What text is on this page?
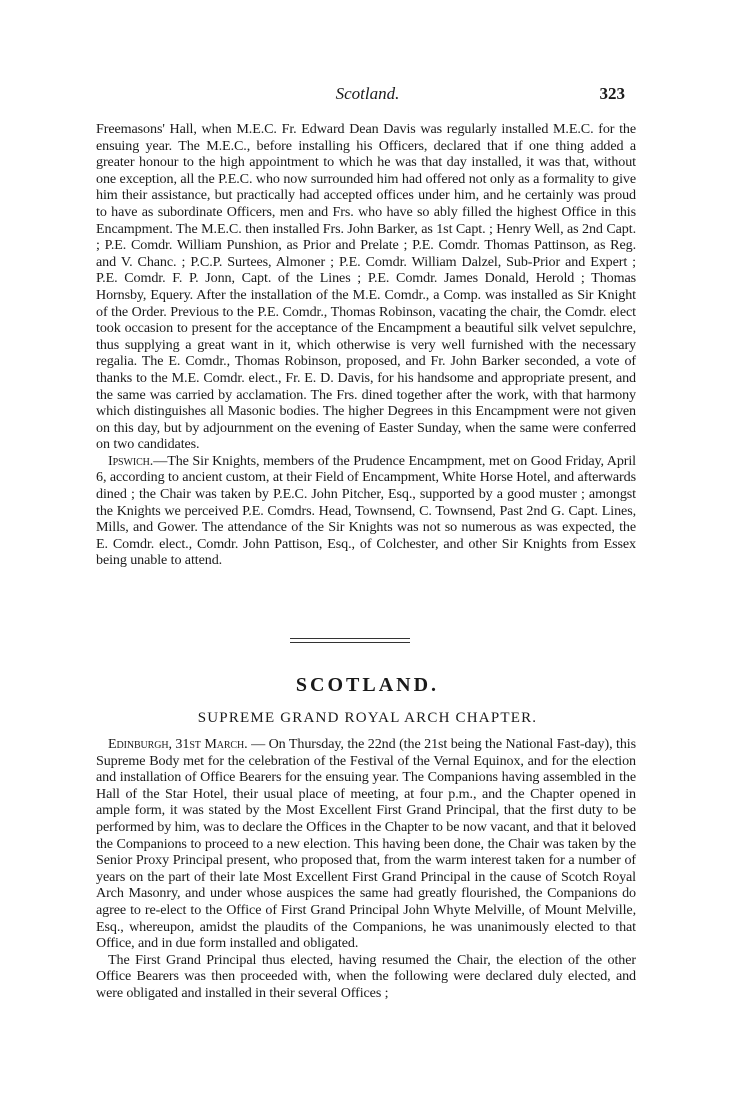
Scotland.	323

Freemasons' Hall, when M.E.C. Fr. Edward Dean Davis was regularly installed M.E.C. for the ensuing year. The M.E.C., before installing his Officers, declared that if one thing added a greater honour to the high appointment to which he was that day installed, it was that, without one exception, all the P.E.C. who now surrounded him had offered not only as a formality to give him their assistance, but practically had accepted offices under him, and he certainly was proud to have as subordinate Officers, men and Frs. who have so ably filled the highest Office in this Encampment. The M.E.C. then installed Frs. John Barker, as 1st Capt. ; Henry Well, as 2nd Capt. ; P.E. Comdr. William Punshion, as Prior and Prelate ; P.E. Comdr. Thomas Pattinson, as Reg. and V. Chanc. ; P.C.P. Surtees, Almoner ; P.E. Comdr. William Dalzel, Sub-Prior and Expert ; P.E. Comdr. F. P. Jonn, Capt. of the Lines ; P.E. Comdr. James Donald, Herold ; Thomas Hornsby, Equery. After the installation of the M.E. Comdr., a Comp. was installed as Sir Knight of the Order. Previous to the P.E. Comdr., Thomas Robinson, vacating the chair, the Comdr. elect took occasion to present for the acceptance of the Encampment a beautiful silk velvet sepulchre, thus supplying a great want in it, which otherwise is very well furnished with the necessary regalia. The E. Comdr., Thomas Robinson, proposed, and Fr. John Barker seconded, a vote of thanks to the M.E. Comdr. elect., Fr. E. D. Davis, for his handsome and appropriate present, and the same was carried by acclamation. The Frs. dined together after the work, with that harmony which distinguishes all Masonic bodies. The higher Degrees in this Encampment were not given on this day, but by adjournment on the evening of Easter Sunday, when the same were conferred on two candidates.

Ipswich.—The Sir Knights, members of the Prudence Encampment, met on Good Friday, April 6, according to ancient custom, at their Field of Encampment, White Horse Hotel, and afterwards dined ; the Chair was taken by P.E.C. John Pitcher, Esq., supported by a good muster ; amongst the Knights we perceived P.E. Comdrs. Head, Townsend, C. Townsend, Past 2nd G. Capt. Lines, Mills, and Gower. The attendance of the Sir Knights was not so numerous as was expected, the E. Comdr. elect., Comdr. John Pattison, Esq., of Colchester, and other Sir Knights from Essex being unable to attend.

SCOTLAND.
SUPREME GRAND ROYAL ARCH CHAPTER.

Edinburgh, 31st March. — On Thursday, the 22nd (the 21st being the National Fast-day), this Supreme Body met for the celebration of the Festival of the Vernal Equinox, and for the election and installation of Office Bearers for the ensuing year. The Companions having assembled in the Hall of the Star Hotel, their usual place of meeting, at four p.m., and the Chapter opened in ample form, it was stated by the Most Excellent First Grand Principal, that the first duty to be performed by him, was to declare the Offices in the Chapter to be now vacant, and that it beloved the Companions to proceed to a new election. This having been done, the Chair was taken by the Senior Proxy Principal present, who proposed that, from the warm interest taken for a number of years on the part of their late Most Excellent First Grand Principal in the cause of Scotch Royal Arch Masonry, and under whose auspices the same had greatly flourished, the Companions do agree to re-elect to the Office of First Grand Principal John Whyte Melville, of Mount Melville, Esq., whereupon, amidst the plaudits of the Companions, he was unanimously elected to that Office, and in due form installed and obligated.

The First Grand Principal thus elected, having resumed the Chair, the election of the other Office Bearers was then proceeded with, when the following were declared duly elected, and were obligated and installed in their several Offices ;
